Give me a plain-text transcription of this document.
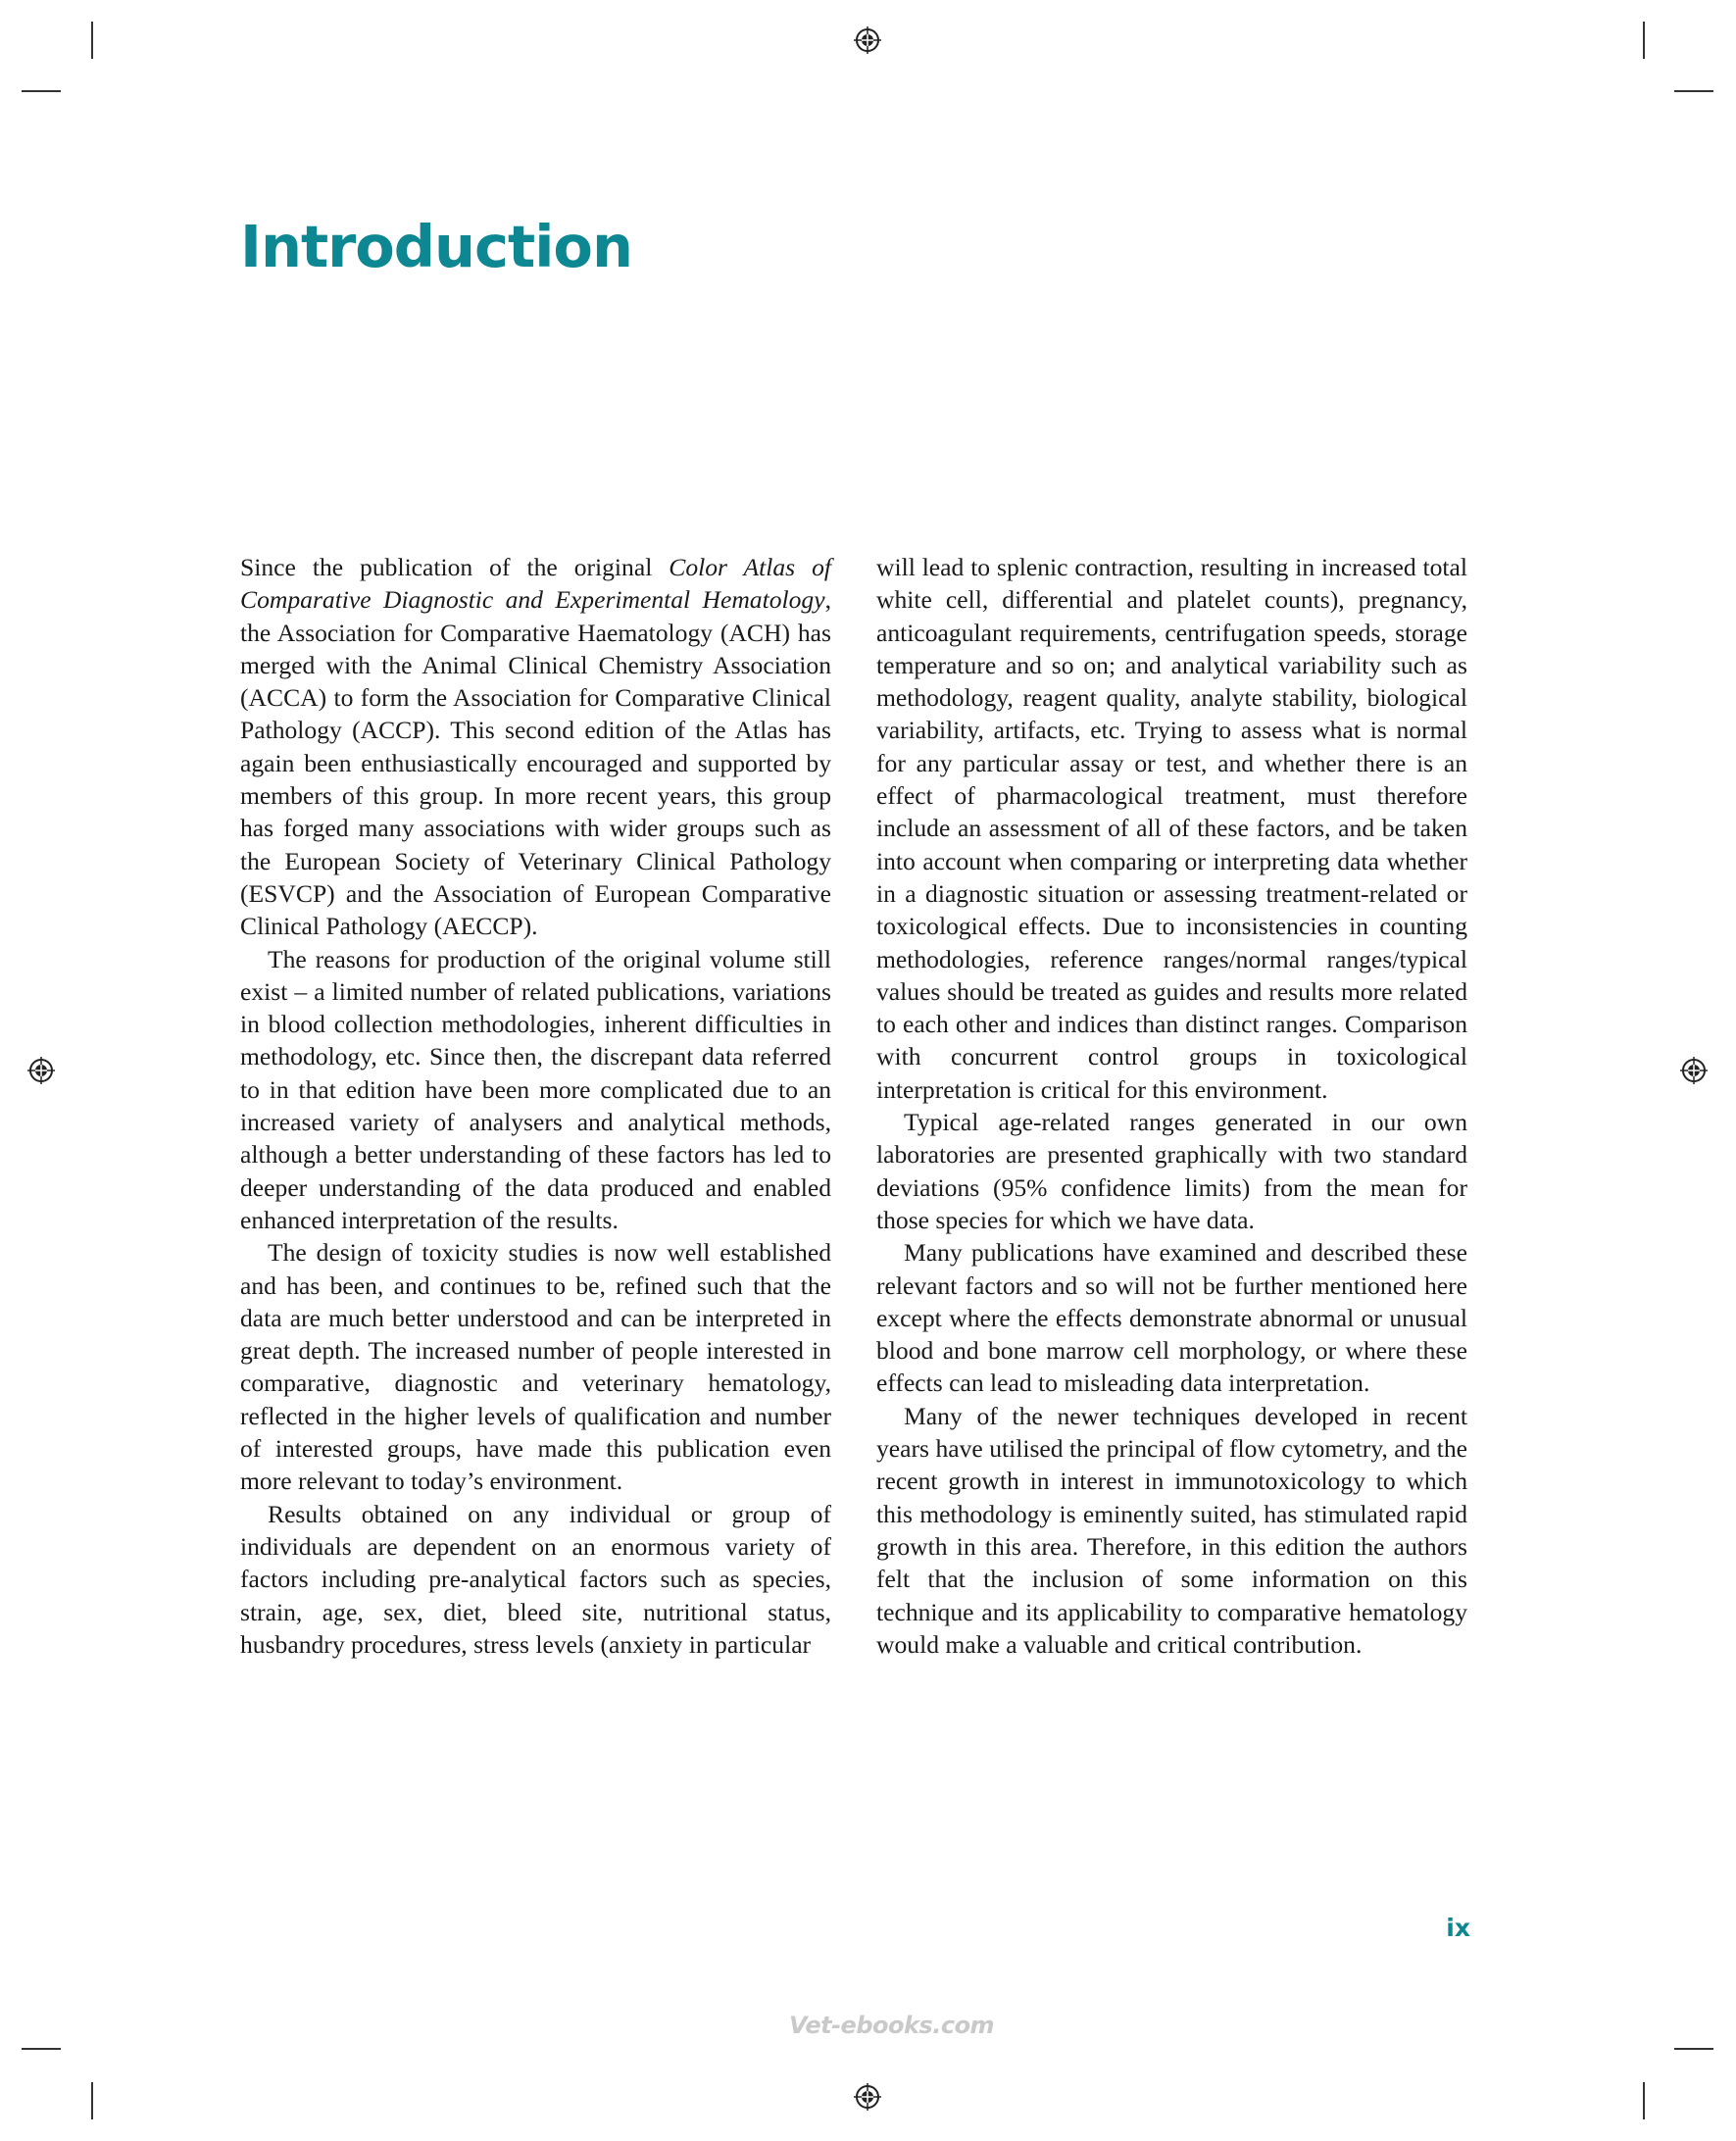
Introduction

Since the publication of the original Color Atlas of Comparative Diagnostic and Experimental Hematology, the Association for Comparative Haematology (ACH) has merged with the Animal Clinical Chemistry Association (ACCA) to form the Association for Comparative Clinical Pathology (ACCP). This second edition of the Atlas has again been enthusiastically encouraged and supported by members of this group. In more recent years, this group has forged many associations with wider groups such as the European Society of Veterinary Clinical Pathology (ESVCP) and the Association of European Comparative Clinical Pathology (AECCP).

The reasons for production of the original volume still exist – a limited number of related publications, variations in blood collection methodologies, inherent difficulties in methodology, etc. Since then, the discrepant data referred to in that edition have been more complicated due to an increased variety of analysers and analytical methods, although a better understanding of these factors has led to deeper understanding of the data produced and enabled enhanced interpretation of the results.

The design of toxicity studies is now well established and has been, and continues to be, refined such that the data are much better understood and can be interpreted in great depth. The increased number of people interested in comparative, diagnostic and veterinary hematology, reflected in the higher levels of qualification and number of interested groups, have made this publication even more relevant to today’s environment.

Results obtained on any individual or group of individuals are dependent on an enormous variety of factors including pre-analytical factors such as species, strain, age, sex, diet, bleed site, nutritional status, husbandry procedures, stress levels (anxiety in particular

will lead to splenic contraction, resulting in increased total white cell, differential and platelet counts), pregnancy, anticoagulant requirements, centrifugation speeds, storage temperature and so on; and analytical variability such as methodology, reagent quality, analyte stability, biological variability, artifacts, etc. Trying to assess what is normal for any particular assay or test, and whether there is an effect of pharmacological treatment, must therefore include an assessment of all of these factors, and be taken into account when comparing or interpreting data whether in a diagnostic situation or assessing treatment-related or toxicological effects. Due to inconsistencies in counting methodologies, reference ranges/normal ranges/typical values should be treated as guides and results more related to each other and indices than distinct ranges. Comparison with concurrent control groups in toxicological interpretation is critical for this environment.

Typical age-related ranges generated in our own laboratories are presented graphically with two standard deviations (95% confidence limits) from the mean for those species for which we have data.

Many publications have examined and described these relevant factors and so will not be further mentioned here except where the effects demonstrate abnormal or unusual blood and bone marrow cell morphology, or where these effects can lead to misleading data interpretation.

Many of the newer techniques developed in recent years have utilised the principal of flow cytometry, and the recent growth in interest in immunotoxicology to which this methodology is eminently suited, has stimulated rapid growth in this area. Therefore, in this edition the authors felt that the inclusion of some information on this technique and its applicability to comparative hematology would make a valuable and critical contribution.

ix
Vet-ebooks.com
